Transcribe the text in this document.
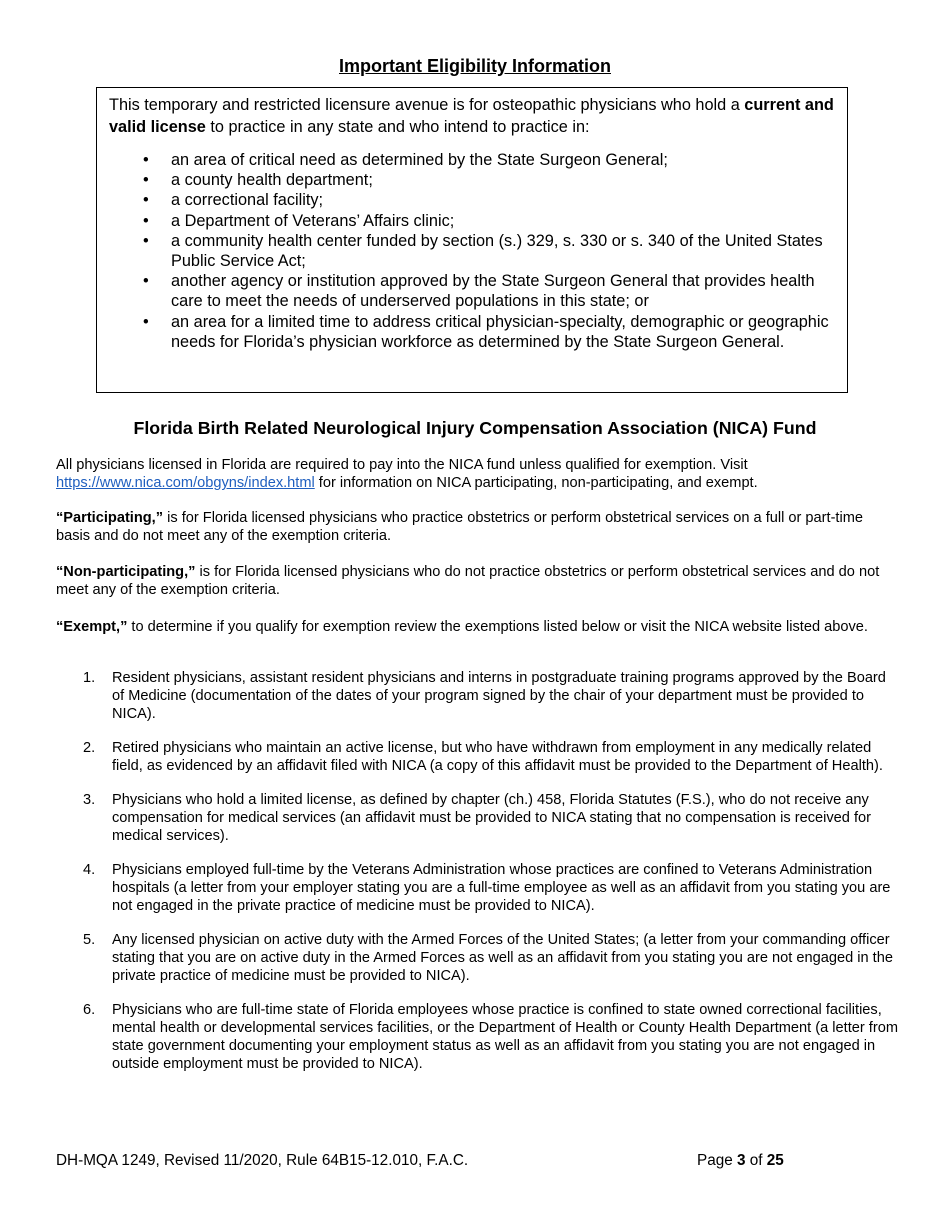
Important Eligibility Information
This temporary and restricted licensure avenue is for osteopathic physicians who hold a current and valid license to practice in any state and who intend to practice in:
• an area of critical need as determined by the State Surgeon General;
• a county health department;
• a correctional facility;
• a Department of Veterans’ Affairs clinic;
• a community health center funded by section (s.) 329, s. 330 or s. 340 of the United States Public Service Act;
• another agency or institution approved by the State Surgeon General that provides health care to meet the needs of underserved populations in this state; or
• an area for a limited time to address critical physician-specialty, demographic or geographic needs for Florida’s physician workforce as determined by the State Surgeon General.
Florida Birth Related Neurological Injury Compensation Association (NICA) Fund
All physicians licensed in Florida are required to pay into the NICA fund unless qualified for exemption. Visit https://www.nica.com/obgyns/index.html for information on NICA participating, non-participating, and exempt.
“Participating,” is for Florida licensed physicians who practice obstetrics or perform obstetrical services on a full or part-time basis and do not meet any of the exemption criteria.
“Non-participating,” is for Florida licensed physicians who do not practice obstetrics or perform obstetrical services and do not meet any of the exemption criteria.
“Exempt,” to determine if you qualify for exemption review the exemptions listed below or visit the NICA website listed above.
1. Resident physicians, assistant resident physicians and interns in postgraduate training programs approved by the Board of Medicine (documentation of the dates of your program signed by the chair of your department must be provided to NICA).
2. Retired physicians who maintain an active license, but who have withdrawn from employment in any medically related field, as evidenced by an affidavit filed with NICA (a copy of this affidavit must be provided to the Department of Health).
3. Physicians who hold a limited license, as defined by chapter (ch.) 458, Florida Statutes (F.S.), who do not receive any
compensation for medical services (an affidavit must be provided to NICA stating that no compensation is received for medical services).
4. Physicians employed full-time by the Veterans Administration whose practices are confined to Veterans Administration hospitals (a letter from your employer stating you are a full-time employee as well as an affidavit from you stating you are not engaged in the private practice of medicine must be provided to NICA).
5. Any licensed physician on active duty with the Armed Forces of the United States; (a letter from your commanding officer stating that you are on active duty in the Armed Forces as well as an affidavit from you stating you are not engaged in the private practice of medicine must be provided to NICA).
6. Physicians who are full-time state of Florida employees whose practice is confined to state owned correctional facilities, mental health or developmental services facilities, or the Department of Health or County Health Department (a letter from state government documenting your employment status as well as an affidavit from you stating you are not engaged in outside employment must be provided to NICA).
DH-MQA 1249, Revised 11/2020, Rule 64B15-12.010, F.A.C.	Page 3 of 25
